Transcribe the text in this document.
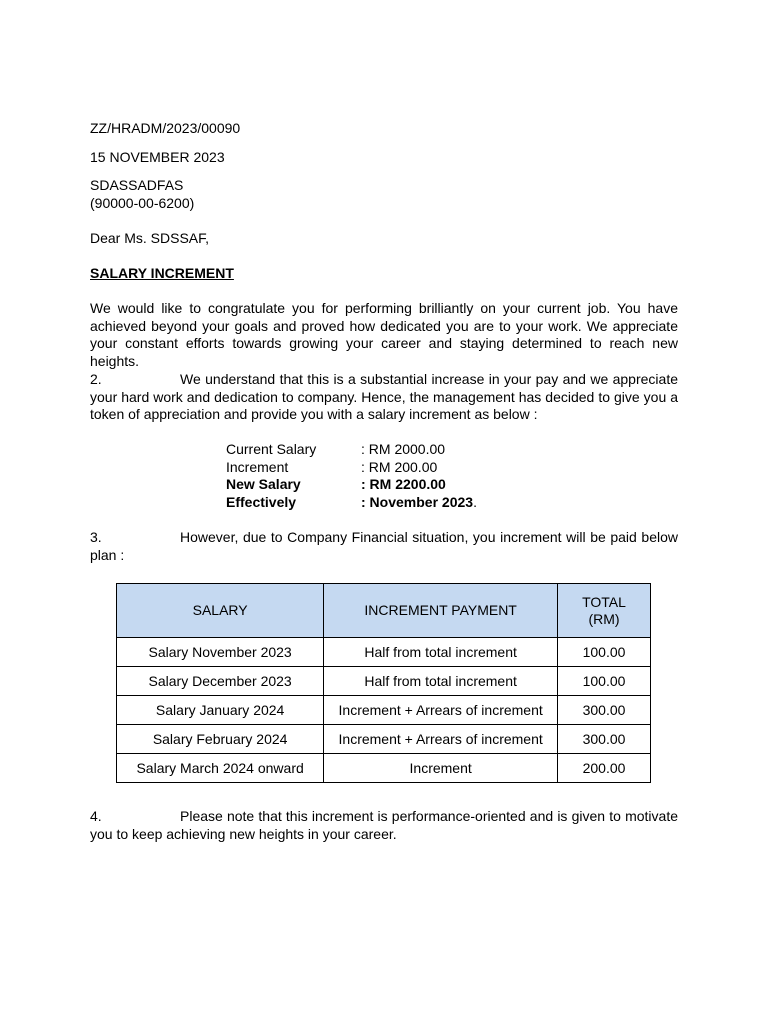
ZZ/HRADM/2023/00090
15 NOVEMBER 2023
SDASSADFAS
(90000-00-6200)
Dear Ms. SDSSAF,
SALARY INCREMENT
We would like to congratulate you for performing brilliantly on your current job. You have achieved beyond your goals and proved how dedicated you are to your work. We appreciate your constant efforts towards growing your career and staying determined to reach new heights.
2.	We understand that this is a substantial increase in your pay and we appreciate your hard work and dedication to company. Hence, the management has decided to give you a token of appreciation and provide you with a salary increment as below :
Current Salary	: RM 2000.00
Increment	: RM 200.00
New Salary	: RM 2200.00
Effectively	: November 2023.
3.	However, due to Company Financial situation, you increment will be paid below plan :
SALARY	INCREMENT PAYMENT	TOTAL (RM)
Salary November 2023	Half from total increment	100.00
Salary December 2023	Half from total increment	100.00
Salary January 2024	Increment + Arrears of increment	300.00
Salary February 2024	Increment + Arrears of increment	300.00
Salary March 2024 onward	Increment	200.00
4.	Please note that this increment is performance-oriented and is given to motivate you to keep achieving new heights in your career.
